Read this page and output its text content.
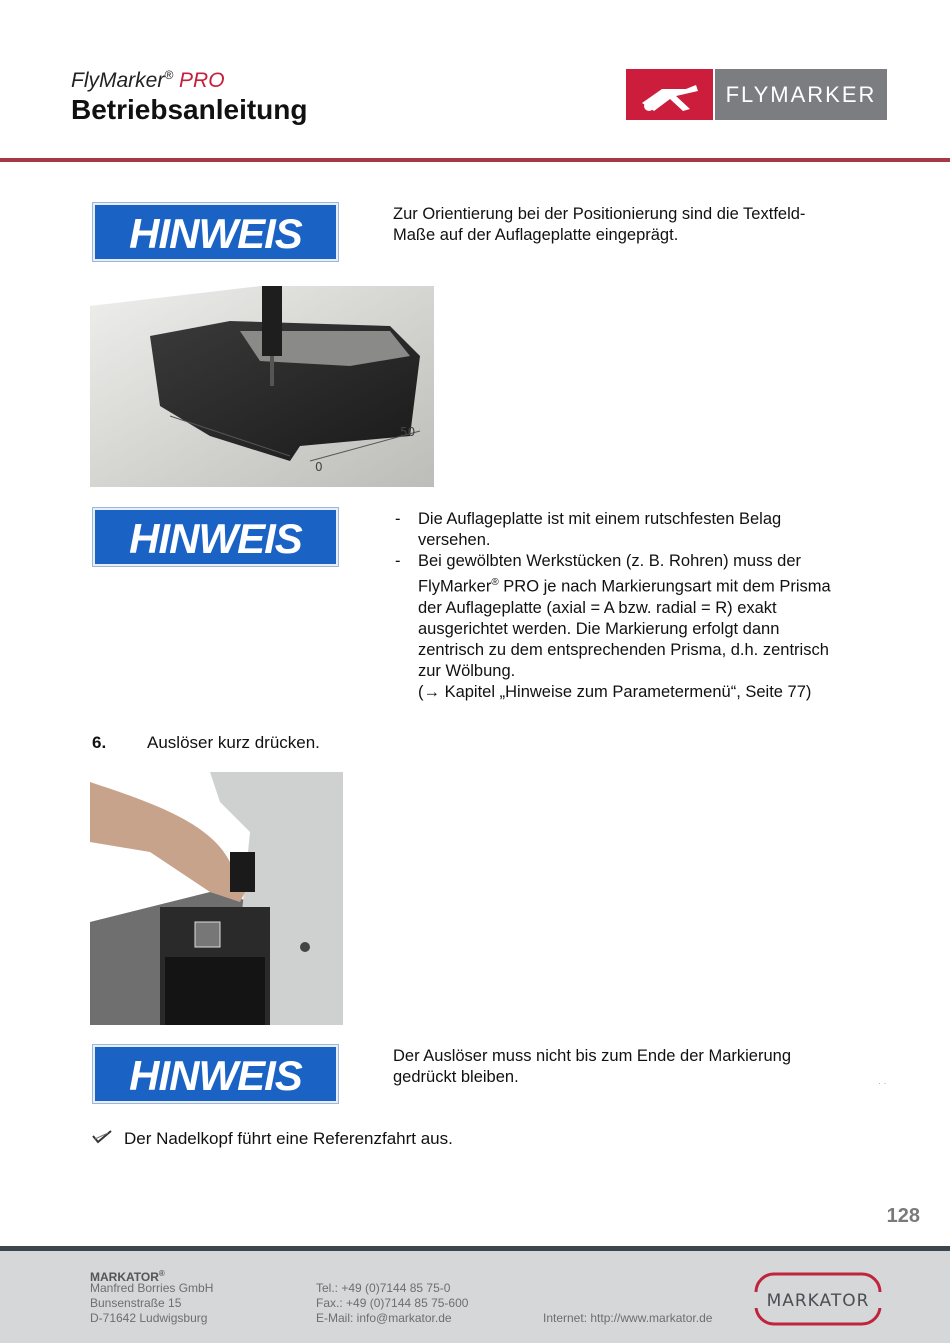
FlyMarker® PRO
Betriebsanleitung	FLYMARKER
HINWEIS	Zur Orientierung bei der Positionierung sind die Textfeld-Maße auf der Auflageplatte eingeprägt.
0
50
HINWEIS	- Die Auflageplatte ist mit einem rutschfesten Belag versehen.
- Bei gewölbten Werkstücken (z. B. Rohren) muss der FlyMarker® PRO je nach Markierungsart mit dem Prisma der Auflageplatte (axial = A bzw. radial = R) exakt ausgerichtet werden. Die Markierung erfolgt dann zentrisch zu dem entsprechenden Prisma, d.h. zentrisch zur Wölbung.
(→ Kapitel „Hinweise zum Parametermenü“, Seite 77)
6. Auslöser kurz drücken.
HINWEIS	Der Auslöser muss nicht bis zum Ende der Markierung gedrückt bleiben.	· ·
Der Nadelkopf führt eine Referenzfahrt aus.
128
MARKATOR®
Manfred Borries GmbH
Bunsenstraße 15
D-71642 Ludwigsburg
Tel.: +49 (0)7144 85 75-0
Fax.: +49 (0)7144 85 75-600
E-Mail: info@markator.de	Internet: http://www.markator.de
MARKATOR
